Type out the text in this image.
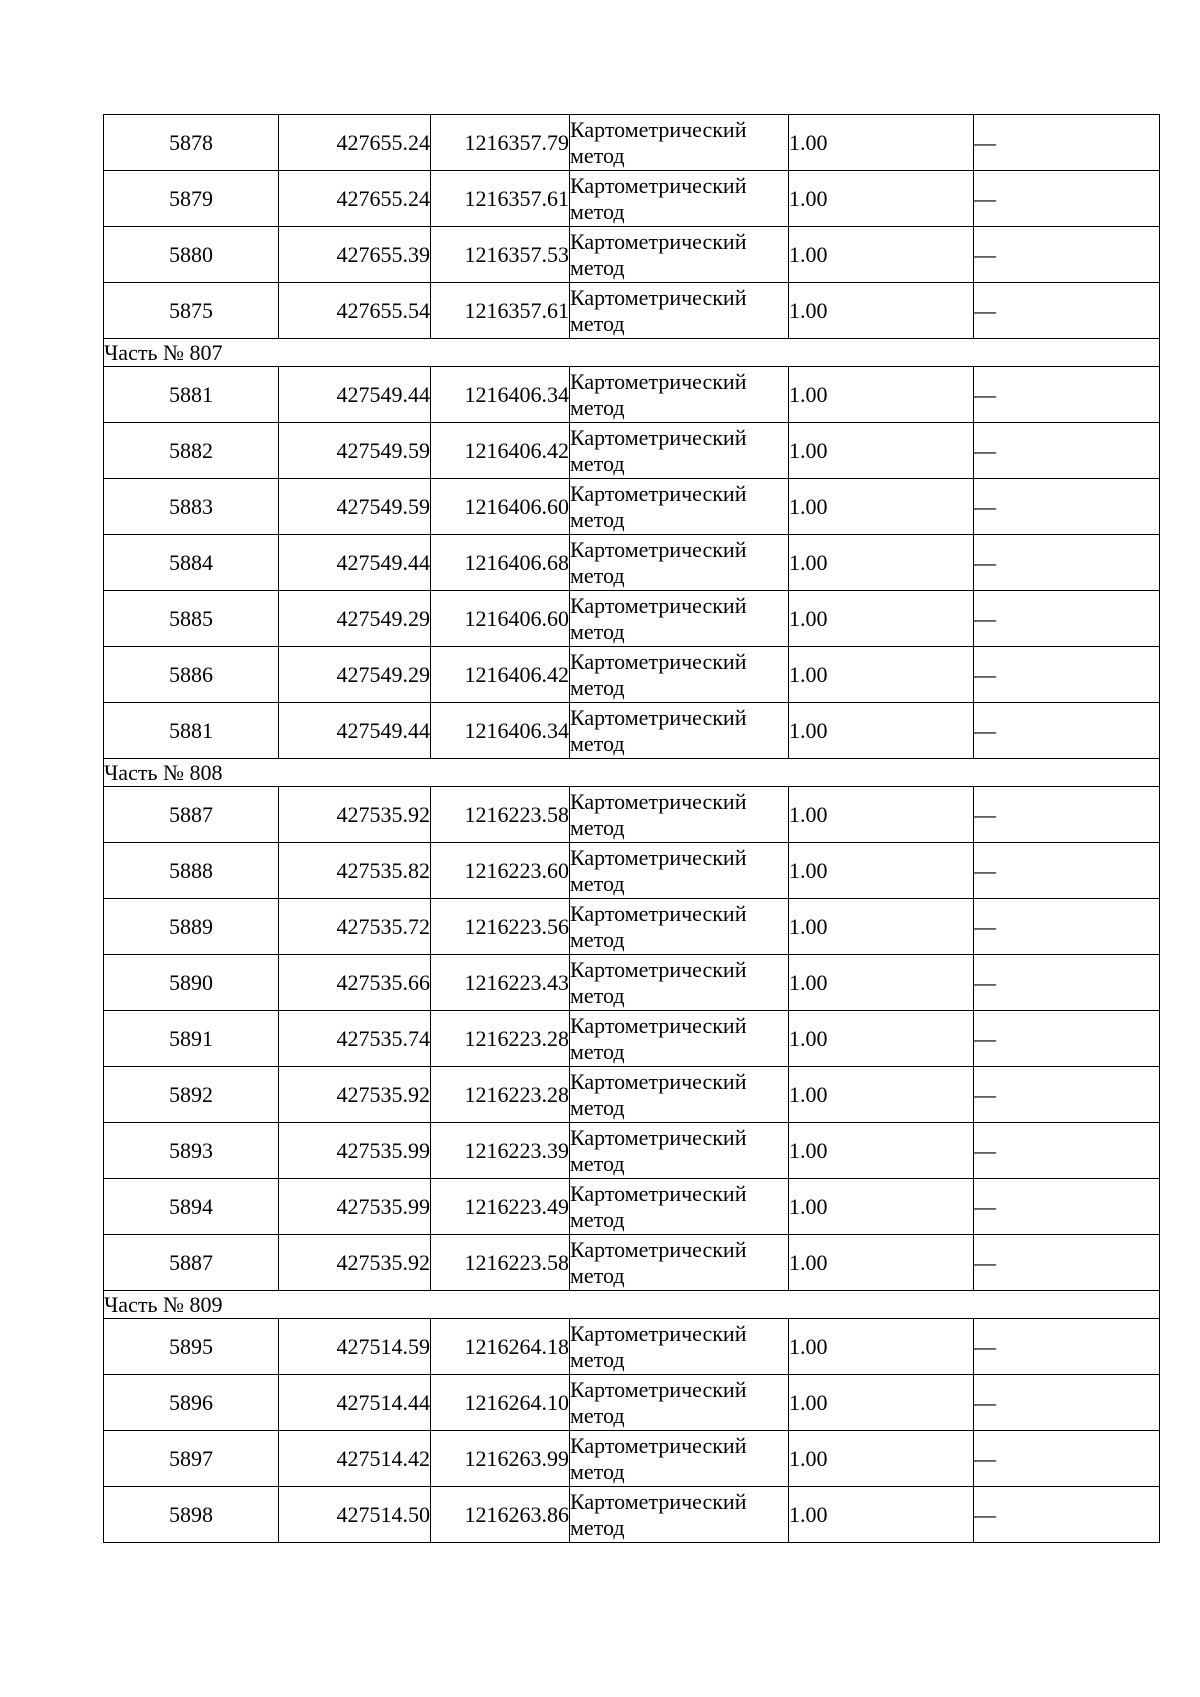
5878	427655.24	1216357.79	Картометрический
метод	1.00	—
5879	427655.24	1216357.61	Картометрический
метод	1.00	—
5880	427655.39	1216357.53	Картометрический
метод	1.00	—
5875	427655.54	1216357.61	Картометрический
метод	1.00	—
Часть № 807					
5881	427549.44	1216406.34	Картометрический
метод	1.00	—
5882	427549.59	1216406.42	Картометрический
метод	1.00	—
5883	427549.59	1216406.60	Картометрический
метод	1.00	—
5884	427549.44	1216406.68	Картометрический
метод	1.00	—
5885	427549.29	1216406.60	Картометрический
метод	1.00	—
5886	427549.29	1216406.42	Картометрический
метод	1.00	—
5881	427549.44	1216406.34	Картометрический
метод	1.00	—
Часть № 808					
5887	427535.92	1216223.58	Картометрический
метод	1.00	—
5888	427535.82	1216223.60	Картометрический
метод	1.00	—
5889	427535.72	1216223.56	Картометрический
метод	1.00	—
5890	427535.66	1216223.43	Картометрический
метод	1.00	—
5891	427535.74	1216223.28	Картометрический
метод	1.00	—
5892	427535.92	1216223.28	Картометрический
метод	1.00	—
5893	427535.99	1216223.39	Картометрический
метод	1.00	—
5894	427535.99	1216223.49	Картометрический
метод	1.00	—
5887	427535.92	1216223.58	Картометрический
метод	1.00	—
Часть № 809					
5895	427514.59	1216264.18	Картометрический
метод	1.00	—
5896	427514.44	1216264.10	Картометрический
метод	1.00	—
5897	427514.42	1216263.99	Картометрический
метод	1.00	—
5898	427514.50	1216263.86	Картометрический
метод	1.00	—
